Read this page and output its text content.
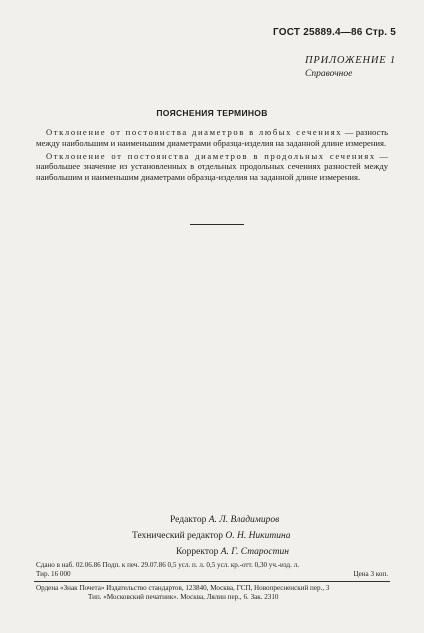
ГОСТ 25889.4—86 Стр. 5
ПРИЛОЖЕНИЕ 1
Справочное
ПОЯСНЕНИЯ ТЕРМИНОВ

Отклонение от постоянства диаметров в любых сечениях — разность между наибольшим и наименьшим диаметрами образца-изделия на заданной длине измерения.

Отклонение от постоянства диаметров в продольных сечениях — наибольшее значение из установленных в отдельных продольных сечениях разностей между наибольшим и наименьшим диаметрами образца-изделия на заданной длине измерения.

Редактор А. Л. Владимиров
Технический редактор О. Н. Никитина
Корректор А. Г. Старостин
Сдано в наб. 02.06.86 Подп. к печ. 29.07.86 0,5 усл. п. л. 0,5 усл. кр.-отт. 0,30 уч.-изд. л.
Тир. 16 000	Цена 3 коп.
Ордена «Знак Почета» Издательство стандартов, 123840, Москва, ГСП, Новопресненский пер., 3
Тип. «Московский печатник». Москва, Лялин пер., 6. Зак. 2310
